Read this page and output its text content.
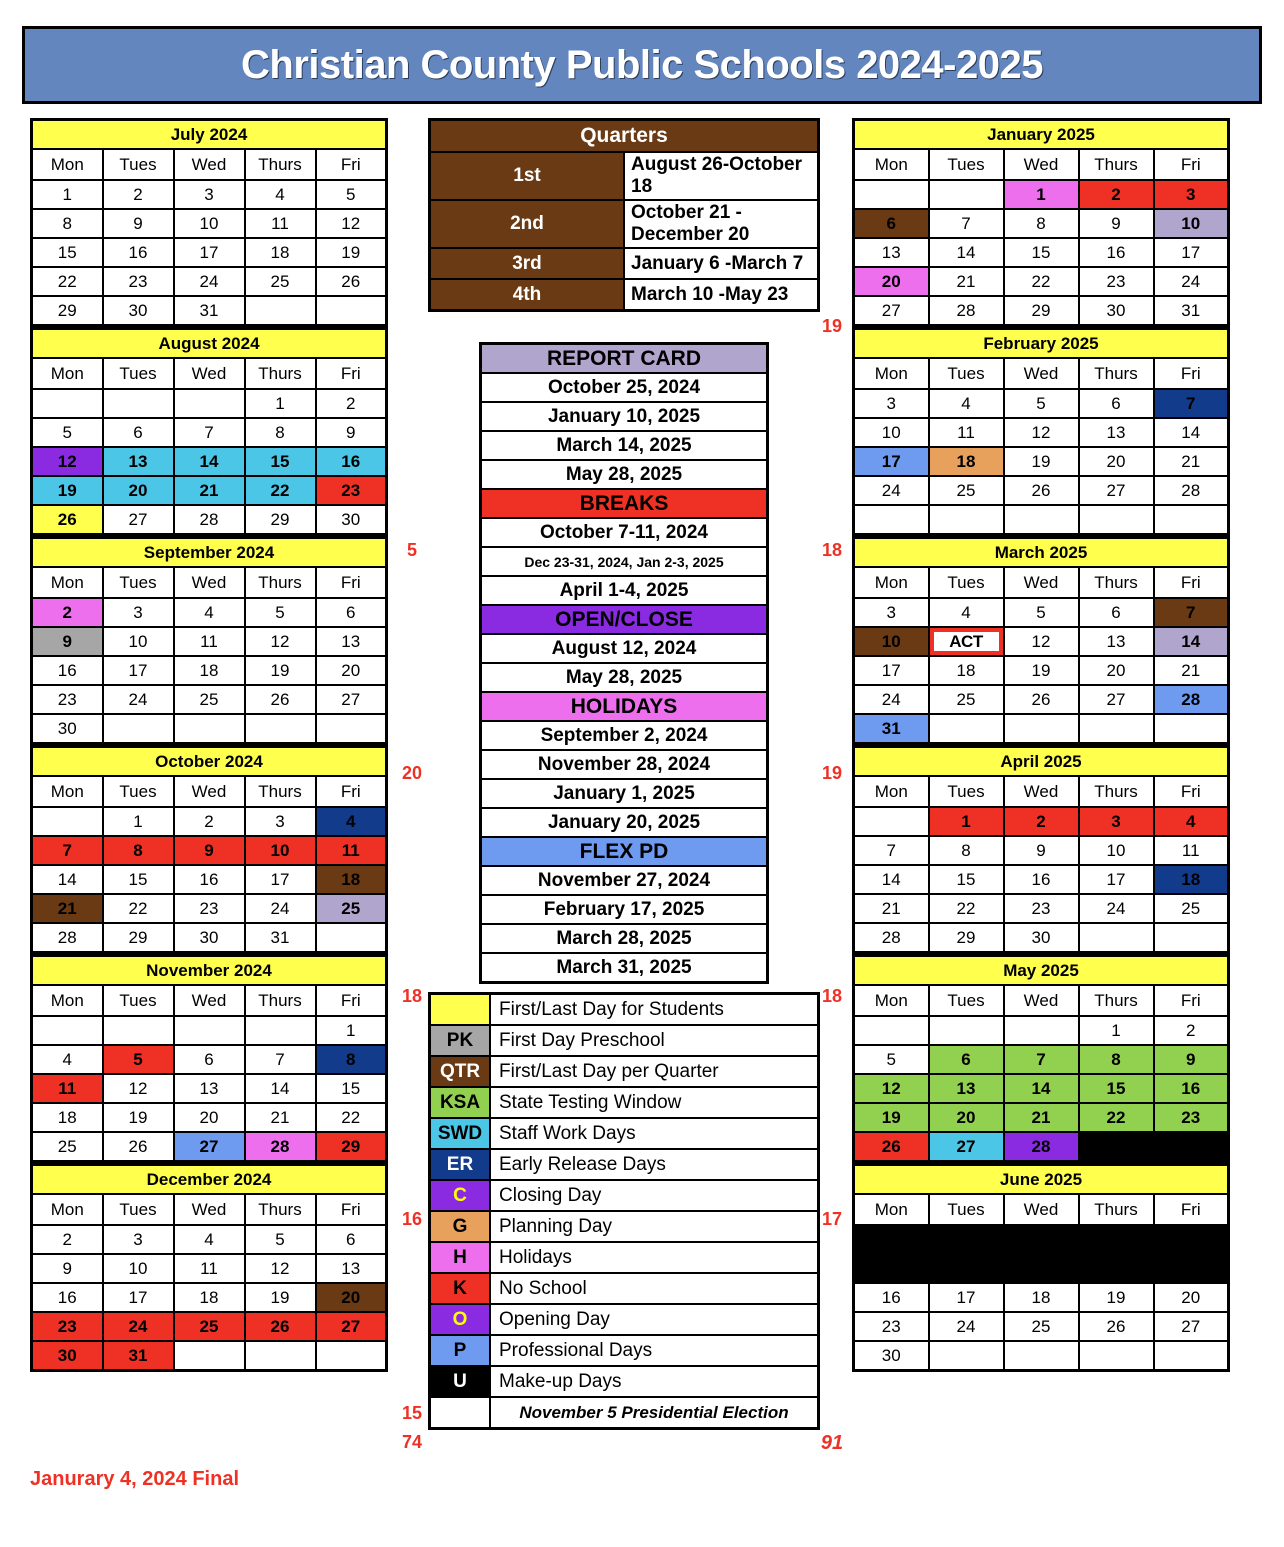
Christian County Public Schools 2024-2025
July 2024				
Mon	Tues	Wed	Thurs	Fri
1	2	3	4	5
8	9	10	11	12
15	16	17	18	19
22	23	24	25	26
29	30	31		
August 2024				
Mon	Tues	Wed	Thurs	Fri
			1	2
5	6	7	8	9
12	13	14	15	16
19	20	21	22	23
26	27	28	29	30
September 2024				
Mon	Tues	Wed	Thurs	Fri
2	3	4	5	6
9	10	11	12	13
16	17	18	19	20
23	24	25	26	27
30				
October 2024				
Mon	Tues	Wed	Thurs	Fri
	1	2	3	4
7	8	9	10	11
14	15	16	17	18
21	22	23	24	25
28	29	30	31	
November 2024				
Mon	Tues	Wed	Thurs	Fri
				1
4	5	6	7	8
11	12	13	14	15
18	19	20	21	22
25	26	27	28	29
December 2024				
Mon	Tues	Wed	Thurs	Fri
2	3	4	5	6
9	10	11	12	13
16	17	18	19	20
23	24	25	26	27
30	31			
Quarters	
1st	August 26-October 18
2nd	October 21 -December 20
3rd	January 6 -March 7
4th	March 10 -May 23
REPORT CARD
October 25, 2024
January 10, 2025
March 14, 2025
May 28, 2025
BREAKS
October 7-11, 2024
Dec 23-31, 2024, Jan 2-3, 2025
April 1-4, 2025
OPEN/CLOSE
August 12, 2024
May 28, 2025
HOLIDAYS
September 2, 2024
November 28, 2024
January 1, 2025
January 20, 2025
FLEX PD
November 27, 2024
February 17, 2025
March 28, 2025
March 31, 2025
	First/Last Day for Students
PK	First Day Preschool
QTR	First/Last Day per Quarter
KSA	State Testing Window
SWD	Staff Work Days
ER	Early Release Days
C	Closing Day
G	Planning Day
H	Holidays
K	No School
O	Opening Day
P	Professional Days
U	Make-up Days
	November 5 Presidential Election
January 2025				
Mon	Tues	Wed	Thurs	Fri
		1	2	3
6	7	8	9	10
13	14	15	16	17
20	21	22	23	24
27	28	29	30	31
February 2025				
Mon	Tues	Wed	Thurs	Fri
3	4	5	6	7
10	11	12	13	14
17	18	19	20	21
24	25	26	27	28

March 2025				
Mon	Tues	Wed	Thurs	Fri
3	4	5	6	7
10	ACT	12	13	14
17	18	19	20	21
24	25	26	27	28
31				
April 2025				
Mon	Tues	Wed	Thurs	Fri
	1	2	3	4
7	8	9	10	11
14	15	16	17	18
21	22	23	24	25
28	29	30		
May 2025				
Mon	Tues	Wed	Thurs	Fri
			1	2
5	6	7	8	9
12	13	14	15	16
19	20	21	22	23
26	27	28	29	30
June 2025				
Mon	Tues	Wed	Thurs	Fri
2	3	4	5	6
9	10	11	12	13
16	17	18	19	20
23	24	25	26	27
30				
5
20
18
16
15
74
19
18
19
18
17
91
Janurary 4, 2024 Final
